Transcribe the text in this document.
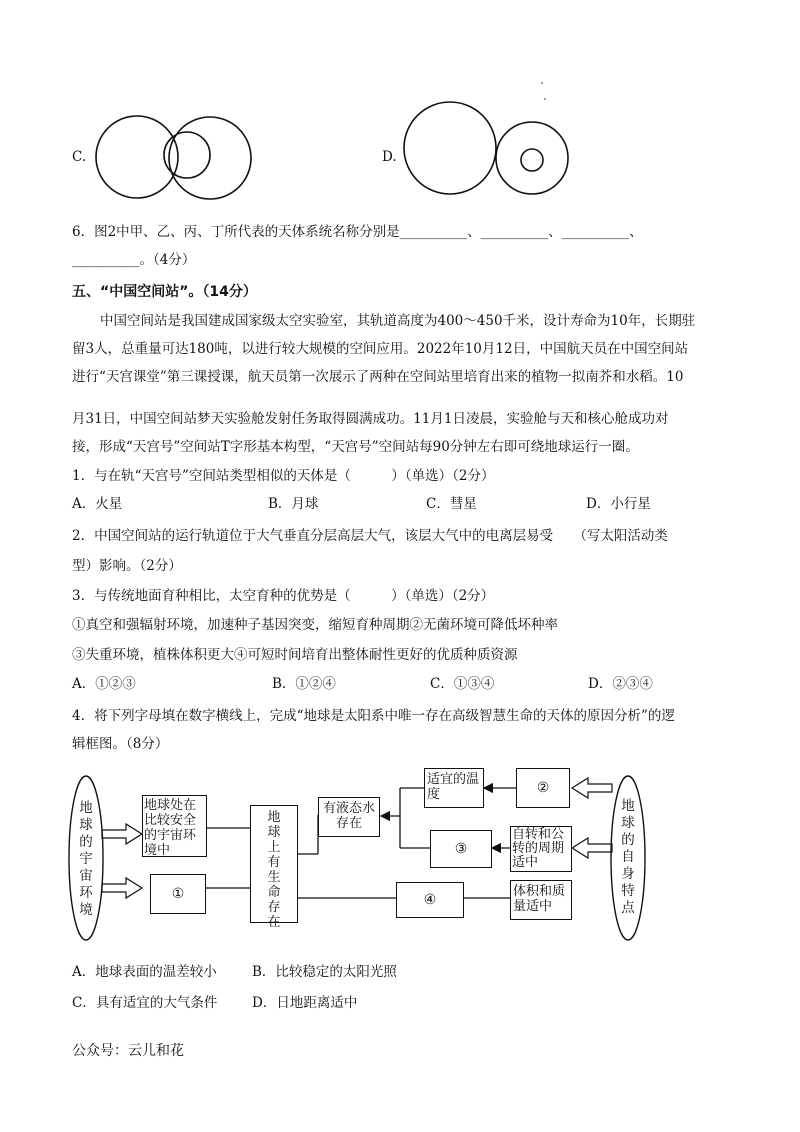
C.	D.
6．图2中甲、乙、丙、丁所代表的天体系统名称分别是__________、__________、__________、
__________。（4分）
五、“中国空间站”。（14分）
中国空间站是我国建成国家级太空实验室，其轨道高度为400～450千米，设计寿命为10年，长期驻
留3人，总重量可达180吨，以进行较大规模的空间应用。2022年10月12日，中国航天员在中国空间站
进行“天宫课堂”第三课授课，航天员第一次展示了两种在空间站里培育出来的植物一拟南芥和水稻。10
月31日，中国空间站梦天实验舱发射任务取得圆满成功。11月1日凌晨，实验舱与天和核心舱成功对
接，形成“天宫号”空间站T字形基本构型，“天宫号”空间站每90分钟左右即可绕地球运行一圈。
1．与在轨“天宫号”空间站类型相似的天体是（　　　）（单选）（2分）
A．火星	B．月球	C．彗星	D．小行星
2．中国空间站的运行轨道位于大气垂直分层高层大气，该层大气中的电离层易受　　（写太阳活动类
型）影响。（2分）
3．与传统地面育种相比，太空育种的优势是（　　　）（单选）（2分）
①真空和强辐射环境，加速种子基因突变，缩短育种周期②无菌环境可降低坏种率
③失重环境，植株体积更大④可短时间培育出整体耐性更好的优质种质资源
A．①②③	B．①②④	C．①③④	D．②③④
4．将下列字母填在数字横线上，完成“地球是太阳系中唯一存在高级智慧生命的天体的原因分析”的逻
辑框图。（8分）
地球的宇宙环境
地球的自身特点
地球处在比较安全的宇宙环境中
①
地球上有生命存在
有液态水存在
适宜的温度	②
③
自转和公转的周期适中
④
体积和质量适中
A．地球表面的温差较小	B．比较稳定的太阳光照
C．具有适宜的大气条件	D．日地距离适中
公众号：云儿和花
